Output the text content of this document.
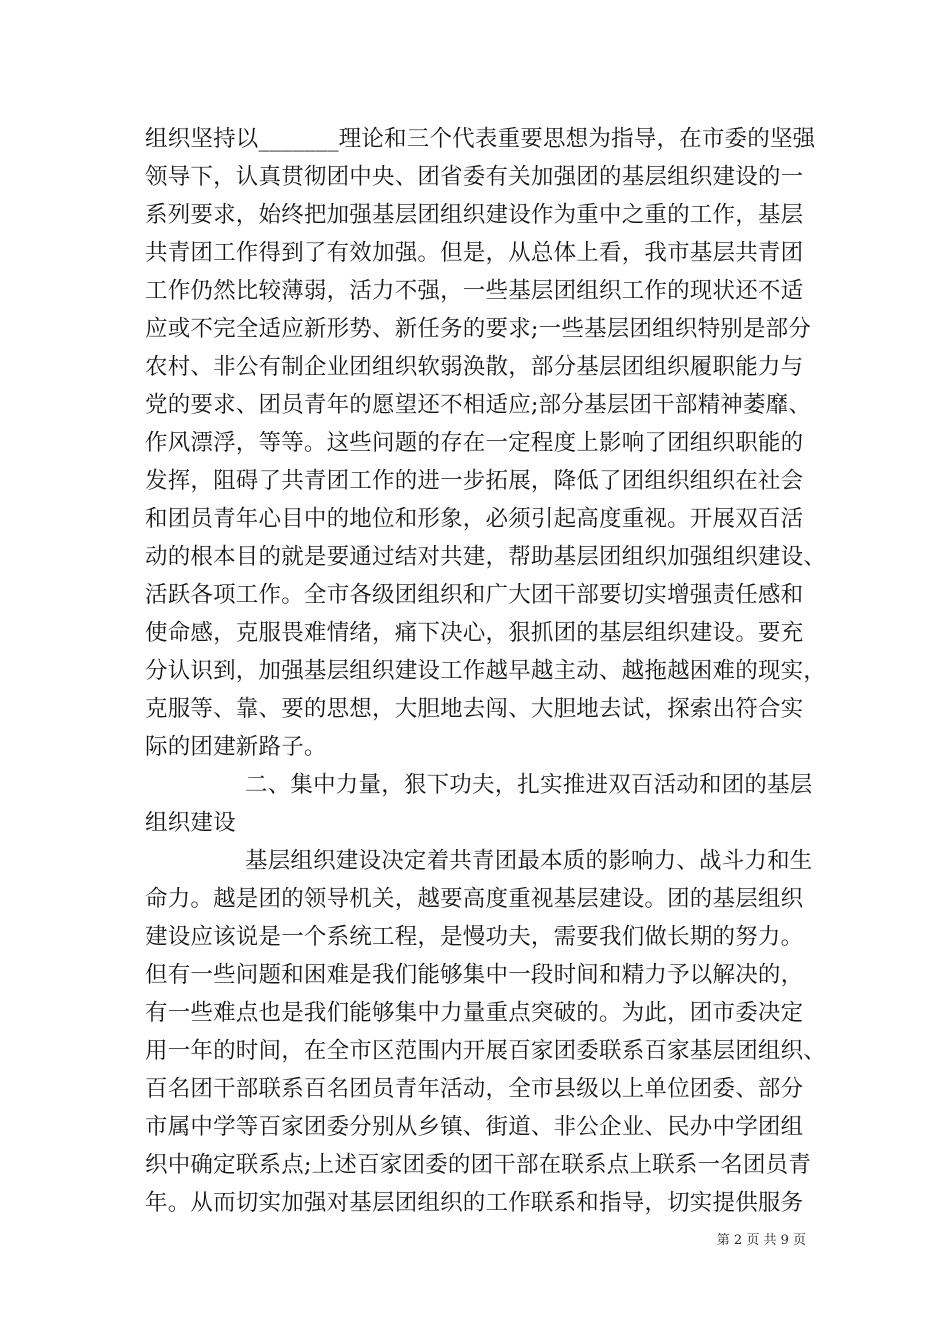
组织坚持以_______理论和三个代表重要思想为指导，在市委的坚强
领导下，认真贯彻团中央、团省委有关加强团的基层组织建设的一
系列要求，始终把加强基层团组织建设作为重中之重的工作，基层
共青团工作得到了有效加强。但是，从总体上看，我市基层共青团
工作仍然比较薄弱，活力不强，一些基层团组织工作的现状还不适
应或不完全适应新形势、新任务的要求;一些基层团组织特别是部分
农村、非公有制企业团组织软弱涣散，部分基层团组织履职能力与
党的要求、团员青年的愿望还不相适应;部分基层团干部精神萎靡、
作风漂浮，等等。这些问题的存在一定程度上影响了团组织职能的
发挥，阻碍了共青团工作的进一步拓展，降低了团组织组织在社会
和团员青年心目中的地位和形象，必须引起高度重视。开展双百活
动的根本目的就是要通过结对共建，帮助基层团组织加强组织建设、
活跃各项工作。全市各级团组织和广大团干部要切实增强责任感和
使命感，克服畏难情绪，痛下决心，狠抓团的基层组织建设。要充
分认识到，加强基层组织建设工作越早越主动、越拖越困难的现实，
克服等、靠、要的思想，大胆地去闯、大胆地去试，探索出符合实
际的团建新路子。
二、集中力量，狠下功夫，扎实推进双百活动和团的基层
组织建设
基层组织建设决定着共青团最本质的影响力、战斗力和生
命力。越是团的领导机关，越要高度重视基层建设。团的基层组织
建设应该说是一个系统工程，是慢功夫，需要我们做长期的努力。
但有一些问题和困难是我们能够集中一段时间和精力予以解决的，
有一些难点也是我们能够集中力量重点突破的。为此，团市委决定
用一年的时间，在全市区范围内开展百家团委联系百家基层团组织、
百名团干部联系百名团员青年活动，全市县级以上单位团委、部分
市属中学等百家团委分别从乡镇、街道、非公企业、民办中学团组
织中确定联系点;上述百家团委的团干部在联系点上联系一名团员青
年。从而切实加强对基层团组织的工作联系和指导，切实提供服务
第 2 页 共 9 页
